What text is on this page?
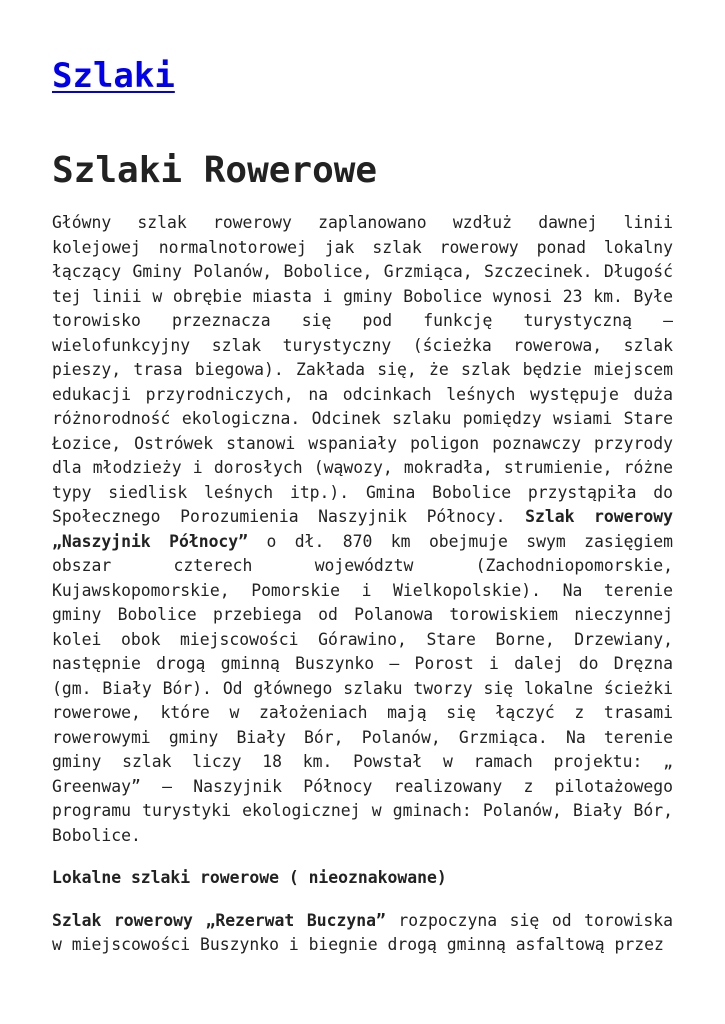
Szlaki
Szlaki Rowerowe

Główny szlak rowerowy zaplanowano wzdłuż dawnej linii kolejowej normalnotorowej jak szlak rowerowy ponad lokalny łączący Gminy Polanów, Bobolice, Grzmiąca, Szczecinek. Długość tej linii w obrębie miasta i gminy Bobolice wynosi 23 km. Byłe torowisko przeznacza się pod funkcję turystyczną – wielofunkcyjny szlak turystyczny (ścieżka rowerowa, szlak pieszy, trasa biegowa). Zakłada się, że szlak będzie miejscem edukacji przyrodniczych, na odcinkach leśnych występuje duża różnorodność ekologiczna. Odcinek szlaku pomiędzy wsiami Stare Łozice, Ostrówek stanowi wspaniały poligon poznawczy przyrody dla młodzieży i dorosłych (wąwozy, mokradła, strumienie, różne typy siedlisk leśnych itp.). Gmina Bobolice przystąpiła do Społecznego Porozumienia Naszyjnik Północy. Szlak rowerowy „Naszyjnik Północy” o dł. 870 km obejmuje swym zasięgiem obszar czterech województw (Zachodniopomorskie, Kujawskopomorskie, Pomorskie i Wielkopolskie). Na terenie gminy Bobolice przebiega od Polanowa torowiskiem nieczynnej kolei obok miejscowości Górawino, Stare Borne, Drzewiany, następnie drogą gminną Buszynko – Porost i dalej do Dręzna (gm. Biały Bór). Od głównego szlaku tworzy się lokalne ścieżki rowerowe, które w założeniach mają się łączyć z trasami rowerowymi gminy Biały Bór, Polanów, Grzmiąca. Na terenie gminy szlak liczy 18 km. Powstał w ramach projektu: „ Greenway” – Naszyjnik Północy realizowany z pilotażowego programu turystyki ekologicznej w gminach: Polanów, Biały Bór, Bobolice.

Lokalne szlaki rowerowe ( nieoznakowane)

Szlak rowerowy „Rezerwat Buczyna” rozpoczyna się od torowiska w miejscowości Buszynko i biegnie drogą gminną asfaltową przez
